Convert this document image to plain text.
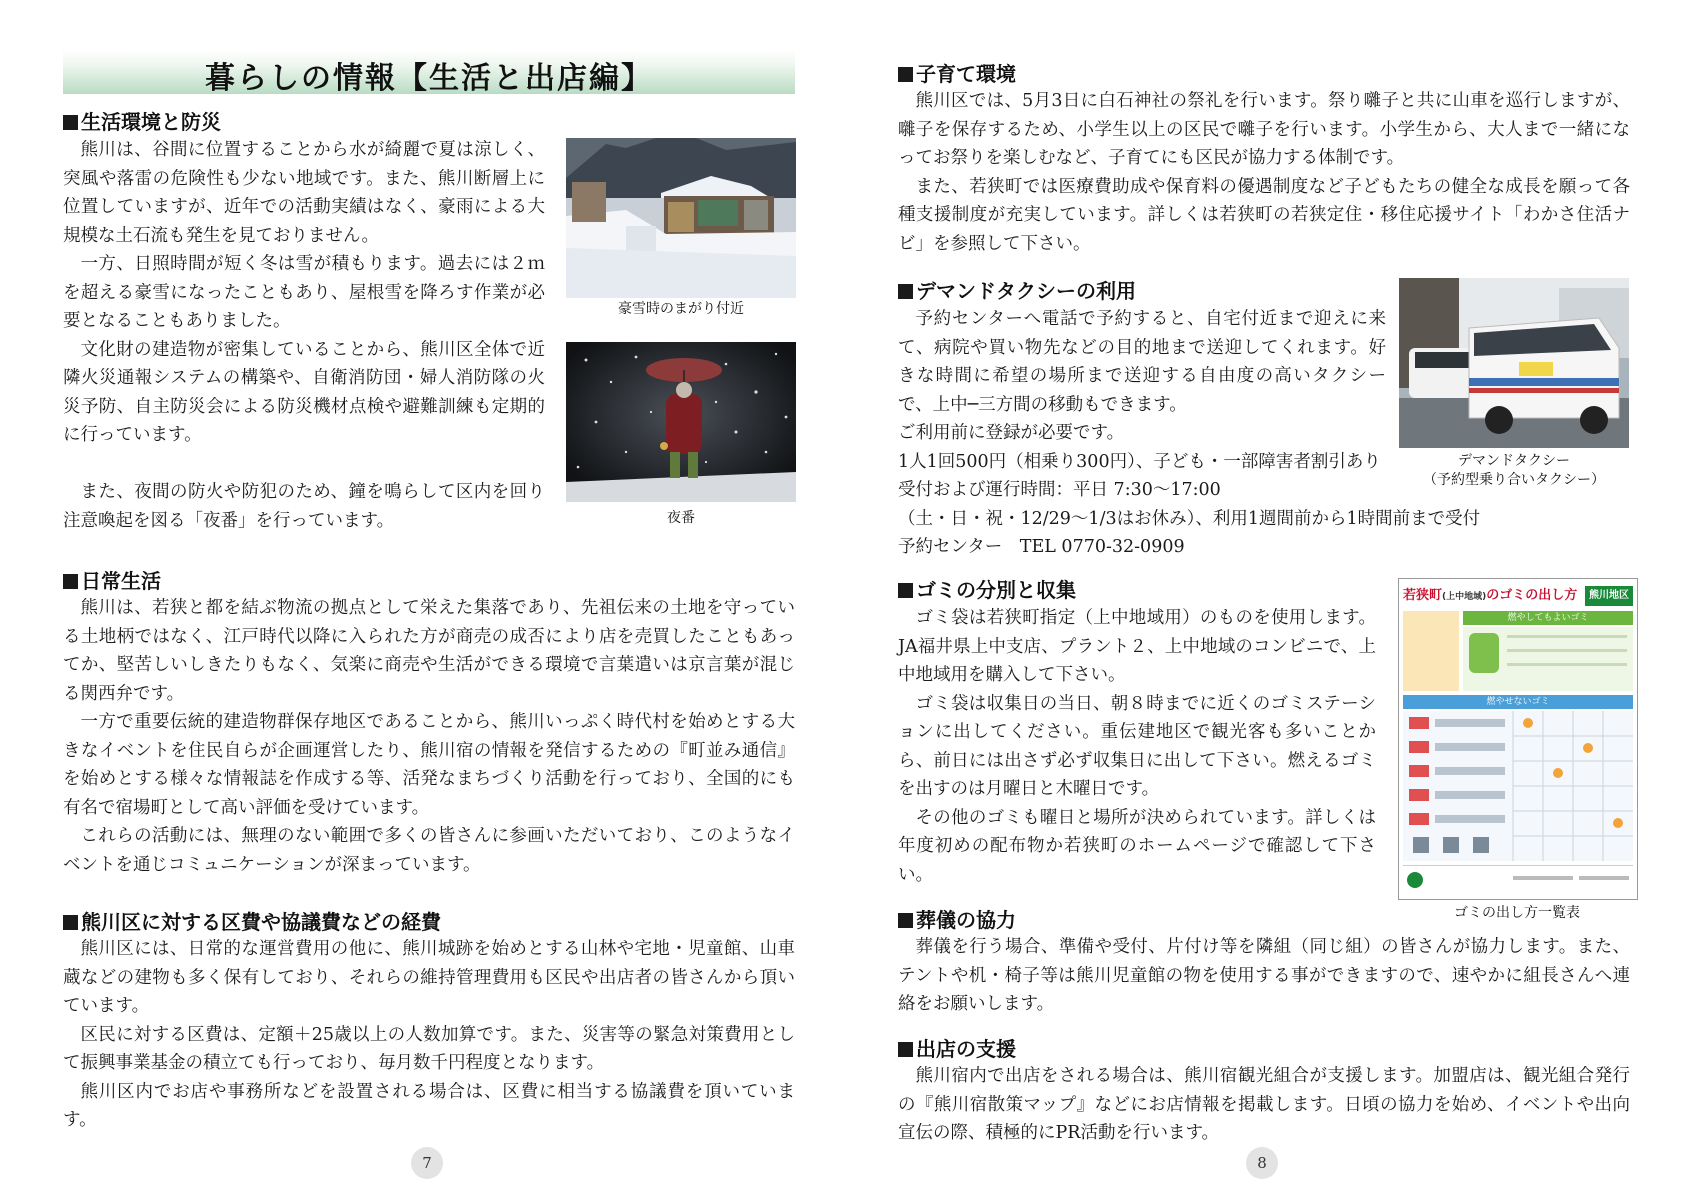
暮らしの情報【生活と出店編】
生活環境と防災

熊川は、谷間に位置することから水が綺麗で夏は涼しく、突風や落雷の危険性も少ない地域です。また、熊川断層上に位置していますが、近年での活動実績はなく、豪雨による大規模な土石流も発生を見ておりません。

一方、日照時間が短く冬は雪が積もります。過去には２ｍを超える豪雪になったこともあり、屋根雪を降ろす作業が必要となることもありました。

文化財の建造物が密集していることから、熊川区全体で近隣火災通報システムの構築や、自衛消防団・婦人消防隊の火災予防、自主防災会による防災機材点検や避難訓練も定期的に行っています。

また、夜間の防火や防犯のため、鐘を鳴らして区内を回り注意喚起を図る「夜番」を行っています。

豪雪時のまがり付近
夜番
日常生活

熊川は、若狭と都を結ぶ物流の拠点として栄えた集落であり、先祖伝来の土地を守っている土地柄ではなく、江戸時代以降に入られた方が商売の成否により店を売買したこともあってか、堅苦しいしきたりもなく、気楽に商売や生活ができる環境で言葉遣いは京言葉が混じる関西弁です。

一方で重要伝統的建造物群保存地区であることから、熊川いっぷく時代村を始めとする大きなイベントを住民自らが企画運営したり、熊川宿の情報を発信するための『町並み通信』を始めとする様々な情報誌を作成する等、活発なまちづくり活動を行っており、全国的にも有名で宿場町として高い評価を受けています。

これらの活動には、無理のない範囲で多くの皆さんに参画いただいており、このようなイベントを通じコミュニケーションが深まっています。

熊川区に対する区費や協議費などの経費

熊川区には、日常的な運営費用の他に、熊川城跡を始めとする山林や宅地・児童館、山車蔵などの建物も多く保有しており、それらの維持管理費用も区民や出店者の皆さんから頂いています。

区民に対する区費は、定額＋25歳以上の人数加算です。また、災害等の緊急対策費用として振興事業基金の積立ても行っており、毎月数千円程度となります。

熊川区内でお店や事務所などを設置される場合は、区費に相当する協議費を頂いています。

7
子育て環境

熊川区では、5月3日に白石神社の祭礼を行います。祭り囃子と共に山車を巡行しますが、囃子を保存するため、小学生以上の区民で囃子を行います。小学生から、大人まで一緒になってお祭りを楽しむなど、子育てにも区民が協力する体制です。

また、若狭町では医療費助成や保育料の優遇制度など子どもたちの健全な成長を願って各種支援制度が充実しています。詳しくは若狭町の若狭定住・移住応援サイト「わかさ住活ナビ」を参照して下さい。

デマンドタクシーの利用

予約センターへ電話で予約すると、自宅付近まで迎えに来て、病院や買い物先などの目的地まで送迎してくれます。好きな時間に希望の場所まで送迎する自由度の高いタクシーで、上中─三方間の移動もできます。

ご利用前に登録が必要です。
1人1回500円（相乗り300円）、子ども・一部障害者割引あり
受付および運行時間：平日 7:30～17:00
（土・日・祝・12/29～1/3はお休み）、利用1週間前から1時間前まで受付
予約センター　TEL 0770-32-0909
デマンドタクシー
（予約型乗り合いタクシー）
ゴミの分別と収集

ゴミ袋は若狭町指定（上中地域用）のものを使用します。JA福井県上中支店、プラント２、上中地域のコンビニで、上中地域用を購入して下さい。

ゴミ袋は収集日の当日、朝８時までに近くのゴミステーションに出してください。重伝建地区で観光客も多いことから、前日には出さず必ず収集日に出して下さい。燃えるゴミを出すのは月曜日と木曜日です。

その他のゴミも曜日と場所が決められています。詳しくは年度初めの配布物か若狭町のホームページで確認して下さい。

若狭町(上中地域)のゴミの出し方	熊川地区
燃やしてもよいゴミ
燃やせないゴミ
ゴミの出し方一覧表
葬儀の協力

葬儀を行う場合、準備や受付、片付け等を隣組（同じ組）の皆さんが協力します。また、テントや机・椅子等は熊川児童館の物を使用する事ができますので、速やかに組長さんへ連絡をお願いします。

出店の支援

熊川宿内で出店をされる場合は、熊川宿観光組合が支援します。加盟店は、観光組合発行の『熊川宿散策マップ』などにお店情報を掲載します。日頃の協力を始め、イベントや出向宣伝の際、積極的にPR活動を行います。

8
